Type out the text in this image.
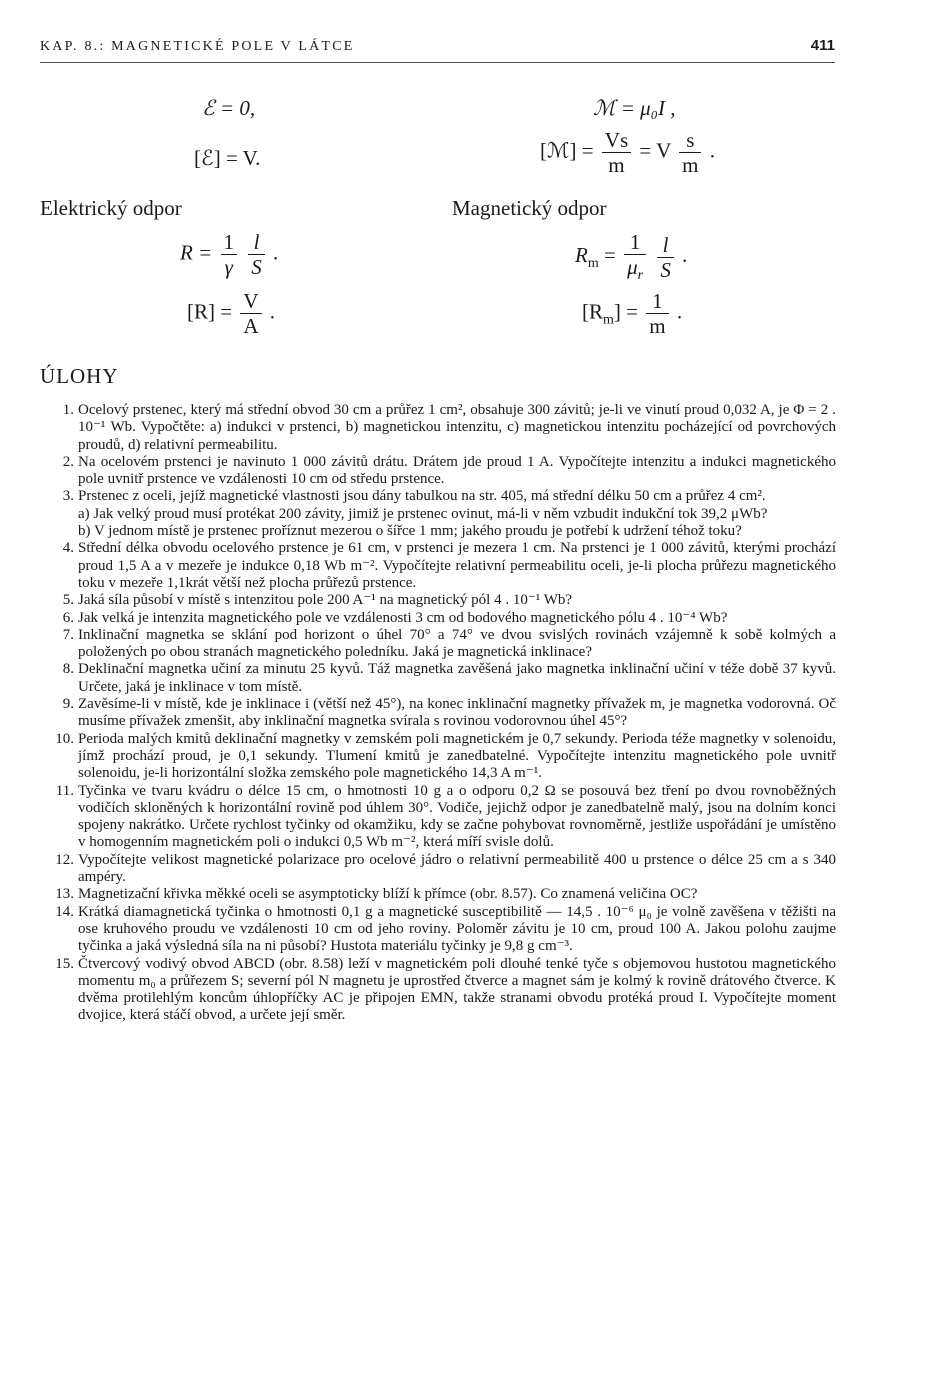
KAP. 8.: MAGNETICKÉ POLE V LÁTCE	411
ℰ = 0,
[ℰ] = V.
ℳ = μ₀I ,
[ℳ] = $\frac{Vs}{m} = V \frac{s}{m}$ .
Elektrický odpor	Magnetický odpor
$R = \frac{1}{\gamma}$
$\frac{l}{S}$ .
$[R] = \frac{V}{A}$ .
$R_m = \frac{1}{\mu_r}$
$\frac{l}{S}$ .
$[R_m] = \frac{1}{m}$ .
ÚLOHY
1. Ocelový prstenec, který má střední obvod 30 cm a průřez 1 cm², obsahuje 300 závitů; je-li ve vinutí proud 0,032 A, je Φ = 2 . 10⁻¹ Wb. Vypočtěte: a) indukci v prstenci, b) magnetickou intenzitu, c) magnetickou intenzitu pocházející od povrchových proudů, d) relativní permeabilitu.
2. Na ocelovém prstenci je navinuto 1 000 závitů drátu. Drátem jde proud 1 A. Vypočítejte intenzitu a indukci magnetického pole uvnitř prstence ve vzdálenosti 10 cm od středu prstence.
3. Prstenec z oceli, jejíž magnetické vlastnosti jsou dány tabulkou na str. 405, má střední délku 50 cm a průřez 4 cm².
a) Jak velký proud musí protékat 200 závity, jimiž je prstenec ovinut, má-li v něm vzbudit indukční tok 39,2 μWb?
b) V jednom místě je prstenec proříznut mezerou o šířce 1 mm; jakého proudu je potřebí k udržení téhož toku?
4. Střední délka obvodu ocelového prstence je 61 cm, v prstenci je mezera 1 cm. Na prstenci je 1 000 závitů, kterými prochází proud 1,5 A a v mezeře je indukce 0,18 Wb m⁻². Vypočítejte relativní permeabilitu oceli, je-li plocha průřezu magnetického toku v mezeře 1,1krát větší než plocha průřezů prstence.
5. Jaká síla působí v místě s intenzitou pole 200 A⁻¹ na magnetický pól 4 . 10⁻¹ Wb?
6. Jak velká je intenzita magnetického pole ve vzdálenosti 3 cm od bodového magnetického pólu 4 . 10⁻⁴ Wb?
7. Inklinační magnetka se sklání pod horizont o úhel 70° a 74° ve dvou svislých rovinách vzájemně k sobě kolmých a položených po obou stranách magnetického poledníku. Jaká je magnetická inklinace?
8. Deklinační magnetka učiní za minutu 25 kyvů. Táž magnetka zavěšená jako magnetka inklinační učiní v téže době 37 kyvů. Určete, jaká je inklinace v tom místě.
9. Zavěsíme-li v místě, kde je inklinace i (větší než 45°), na konec inklinační magnetky přívažek m, je magnetka vodorovná. Oč musíme přívažek zmenšit, aby inklinační magnetka svírala s rovinou vodorovnou úhel 45°?
10. Perioda malých kmitů deklinační magnetky v zemském poli magnetickém je 0,7 sekundy. Perioda téže magnetky v solenoidu, jímž prochází proud, je 0,1 sekundy. Tlumení kmitů je zanedbatelné. Vypočítejte intenzitu magnetického pole uvnitř solenoidu, je-li horizontální složka zemského pole magnetického 14,3 A m⁻¹.
11. Tyčinka ve tvaru kvádru o délce 15 cm, o hmotnosti 10 g a o odporu 0,2 Ω se posouvá bez tření po dvou rovnoběžných vodičích skloněných k horizontální rovině pod úhlem 30°. Vodiče, jejichž odpor je zanedbatelně malý, jsou na dolním konci spojeny nakrátko. Určete rychlost tyčinky od okamžiku, kdy se začne pohybovat rovnoměrně, jestliže uspořádání je umístěno v homogenním magnetickém poli o indukci 0,5 Wb m⁻², která míří svisle dolů.
12. Vypočítejte velikost magnetické polarizace pro ocelové jádro o relativní permeabilitě 400 u prstence o délce 25 cm a s 340 ampéry.
13. Magnetizační křivka měkké oceli se asymptoticky blíží k přímce (obr. 8.57). Co znamená veličina OC?
14. Krátká diamagnetická tyčinka o hmotnosti 0,1 g a magnetické susceptibilitě — 14,5 . 10⁻⁶ μ₀ je volně zavěšena v těžišti na ose kruhového proudu ve vzdálenosti 10 cm od jeho roviny. Poloměr závitu je 10 cm, proud 100 A. Jakou polohu zaujme tyčinka a jaká výsledná síla na ni působí? Hustota materiálu tyčinky je 9,8 g cm⁻³.
15. Čtvercový vodivý obvod ABCD (obr. 8.58) leží v magnetickém poli dlouhé tenké tyče s objemovou hustotou magnetického momentu m₀ a průřezem S; severní pól N magnetu je uprostřed čtverce a magnet sám je kolmý k rovině drátového čtverce. K dvěma protilehlým koncům úhlopříčky AC je připojen EMN, takže stranami obvodu protéká proud I. Vypočítejte moment dvojice, která stáčí obvod, a určete její směr.
